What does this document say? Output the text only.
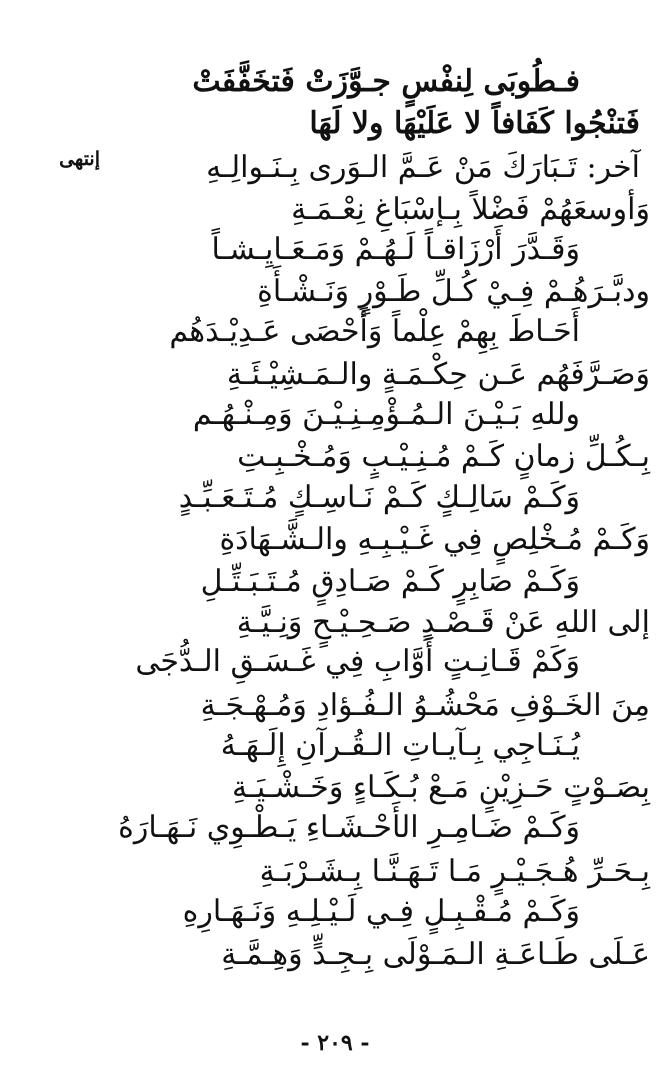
فـطُوبَى لِنفْسٍ جـوَّزَتْ فَتخَفَّفَتْ
فَتنْجُوا كَفَافاً لا عَلَيْهَا ولا لَهَا
إنتهى	آخر: تَـبَارَكَ مَنْ عَـمَّ الـوَرى بِـنَـوالِـهِ
وَأوسعَهُمْ فَضْلاً بِـإسْبَاغِ نِعْـمَـةِ
وَقَـدَّرَ أَرْزَاقـاً لَـهُـمْ وَمَـعَـايِـشـاً
ودبَّـرَهُـمْ فِـيْ كُـلِّ طَـوْرٍ وَنَـشْـأَةِ
أَحَـاطَ بِهِمْ عِلْماً وَأَحْصَى عَـدِيْـدَهُم
وَصَـرَّفَهُم عَـن حِكْـمَـةٍ والـمَـشِيْـئَـةِ
وللهِ بَـيْـنَ الـمُـؤْمِـنِـيْـنَ وَمِـنْـهُـم
بِـكُـلِّ زمانٍ كَـمْ مُـنِـيْـبٍ وَمُـخْـبِـتِ
وَكَـمْ سَالِـكٍ كَـمْ نَـاسِـكٍ مُـتَـعَـبِّـدٍ
وَكَـمْ مُـخْلِصٍ فِي غَـيْـبِـهِ والـشَّـهَادَةِ
وَكَـمْ صَابِرٍ كَـمْ صَـادِقٍ مُـتَـبَـتِّـلِ
إلى اللهِ عَنْ قَـصْـدٍ صَـحِـيْـحٍ وَنِـيَّـةِ
وَكَمْ قَـانِـتٍ أَوَّابِ فِي غَـسَـقِ الـدُّجَى
مِنَ الخَـوْفِ مَحْشُـوُ الـفُـؤادِ وَمُـهْـجَـةِ
يُـنَـاجِي بِـآيـاتِ الـقُـرآنِ إِلَـهَـهُ
بِصَـوْتٍ حَـزِيْنٍ مَـعْ بُـكَـاءٍ وَخَـشْـيَـةِ
وَكَـمْ ضَـامِـرِ الأَحْـشَـاءِ يَـطْـوِي نَـهَـارَهُ
بِـحَـرِّ هُـجَـيْـرٍ مَـا تَـهَـنَّـا بِـشَـرْبَـةِ
وَكَـمْ مُـقْـبِـلٍ فِـي لَـيْـلِـهِ وَنَـهَـارِهِ
عَـلَى طَـاعَـةِ الـمَـوْلَى بِـجِـدٍّ وَهِـمَّـةِ
- ٢٠٩ -
